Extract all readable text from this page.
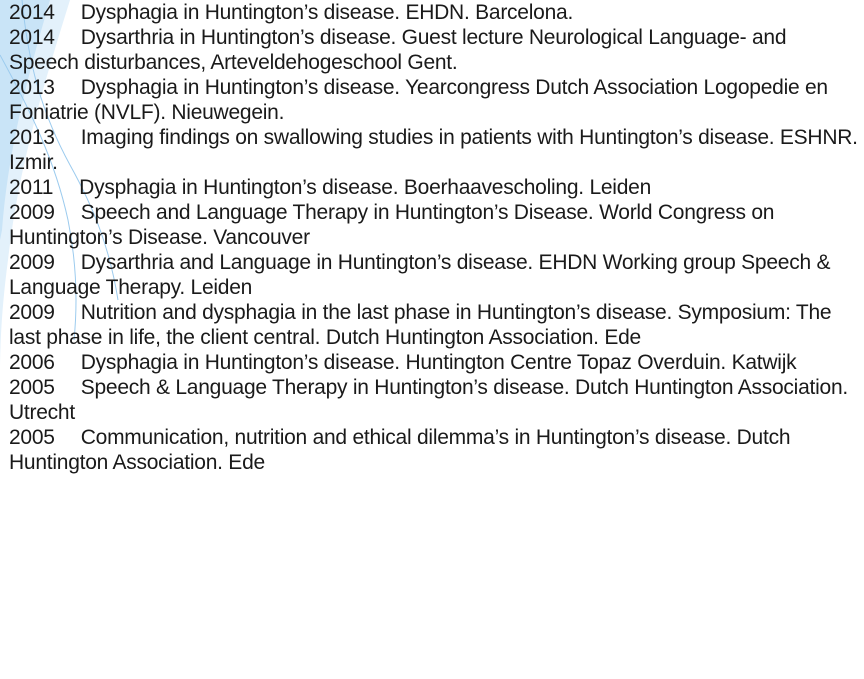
2014 Dysphagia in Huntington’s disease. EHDN. Barcelona.
2014 Dysarthria in Huntington’s disease. Guest lecture Neurological Language- and Speech disturbances, Arteveldehogeschool Gent.
2013 Dysphagia in Huntington’s disease. Yearcongress Dutch Association Logopedie en Foniatrie (NVLF). Nieuwegein.
2013 Imaging findings on swallowing studies in patients with Huntington’s disease. ESHNR. Izmir.
2011 Dysphagia in Huntington’s disease. Boerhaavescholing. Leiden
2009 Speech and Language Therapy in Huntington’s Disease. World Congress on Huntington’s Disease. Vancouver
2009 Dysarthria and Language in Huntington’s disease. EHDN Working group Speech & Language Therapy. Leiden
2009 Nutrition and dysphagia in the last phase in Huntington’s disease. Symposium: The last phase in life, the client central. Dutch Huntington Association. Ede
2006 Dysphagia in Huntington’s disease. Huntington Centre Topaz Overduin. Katwijk
2005 Speech & Language Therapy in Huntington’s disease. Dutch Huntington Association. Utrecht
2005 Communication, nutrition and ethical dilemma’s in Huntington’s disease. Dutch Huntington Association. Ede
